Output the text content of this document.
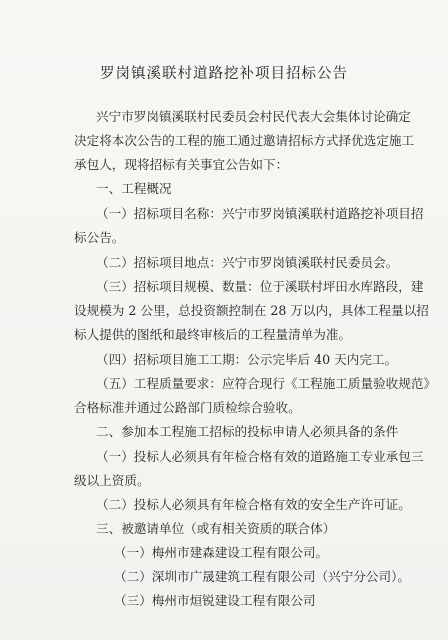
罗岗镇溪联村道路挖补项目招标公告
兴宁市罗岗镇溪联村民委员会村民代表大会集体讨论确定
决定将本次公告的工程的施工通过邀请招标方式择优选定施工
承包人，现将招标有关事宜公告如下：
一、工程概况
（一）招标项目名称：兴宁市罗岗镇溪联村道路挖补项目招
标公告。
（二）招标项目地点：兴宁市罗岗镇溪联村民委员会。
（三）招标项目规模、数量：位于溪联村坪田水库路段，建
设规模为 2 公里，总投资额控制在 28 万以内，具体工程量以招
标人提供的图纸和最终审核后的工程量清单为准。
（四）招标项目施工工期：公示完毕后 40 天内完工。
（五）工程质量要求：应符合现行《工程施工质量验收规范》
合格标准并通过公路部门质检综合验收。
二、参加本工程施工招标的投标申请人必须具备的条件
（一）投标人必须具有年检合格有效的道路施工专业承包三
级以上资质。
（二）投标人必须具有年检合格有效的安全生产许可证。
三、被邀请单位（或有相关资质的联合体）
（一）梅州市建森建设工程有限公司。
（二）深圳市广晟建筑工程有限公司（兴宁分公司）。
（三）梅州市烜锐建设工程有限公司
